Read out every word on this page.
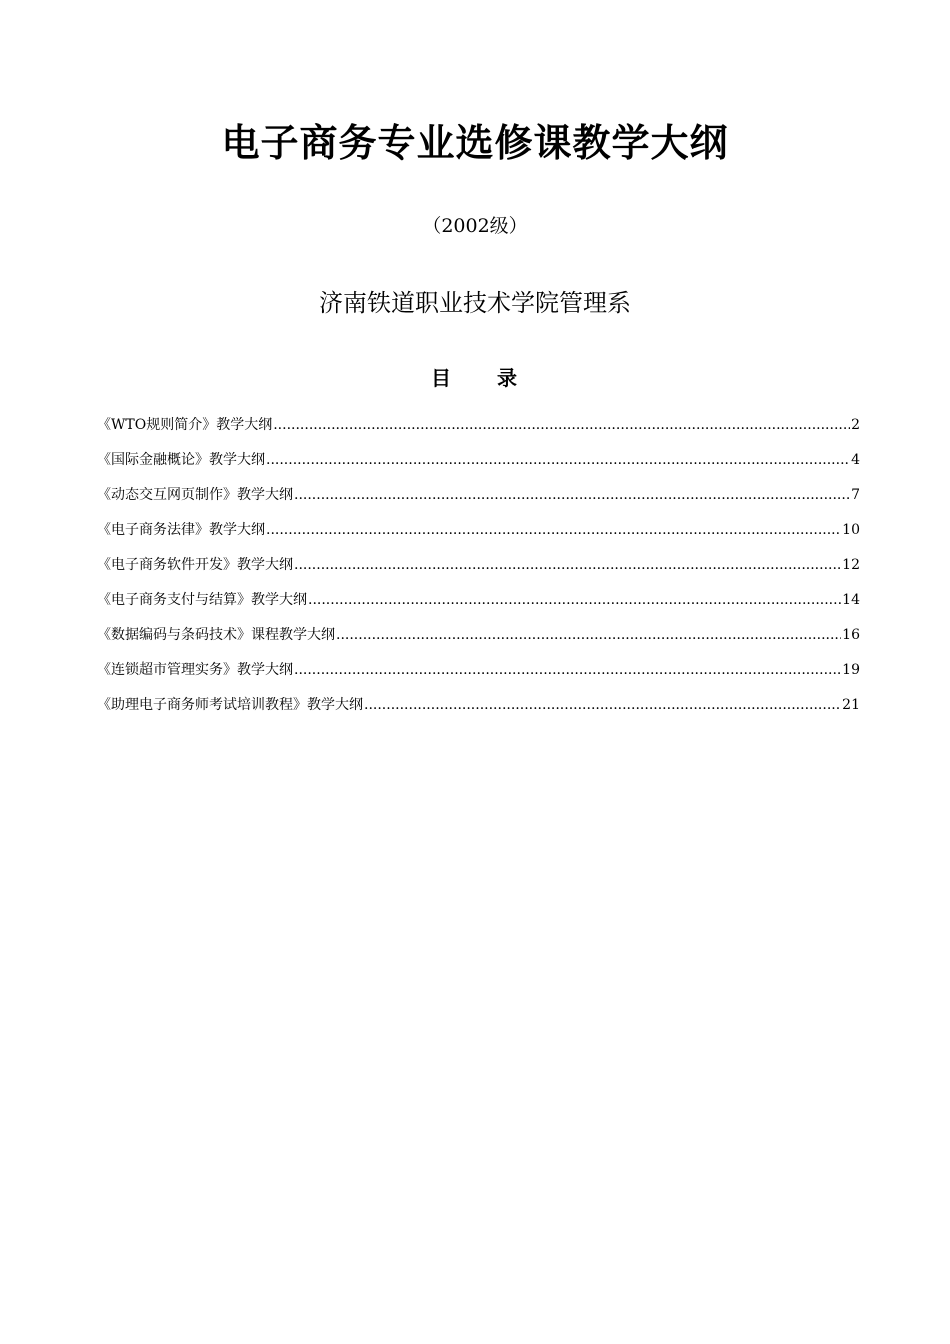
电子商务专业选修课教学大纲
（2002级）
济南铁道职业技术学院管理系
目　　录
《WTO规则简介》教学大纲 .....	2
《国际金融概论》教学大纲 .....	4
《动态交互网页制作》教学大纲 .....	7
《电子商务法律》教学大纲 .....	10
《电子商务软件开发》教学大纲 .....	12
《电子商务支付与结算》教学大纲 .....	14
《数据编码与条码技术》课程教学大纲 .....	16
《连锁超市管理实务》教学大纲 .....	19
《助理电子商务师考试培训教程》教学大纲 .....	21
